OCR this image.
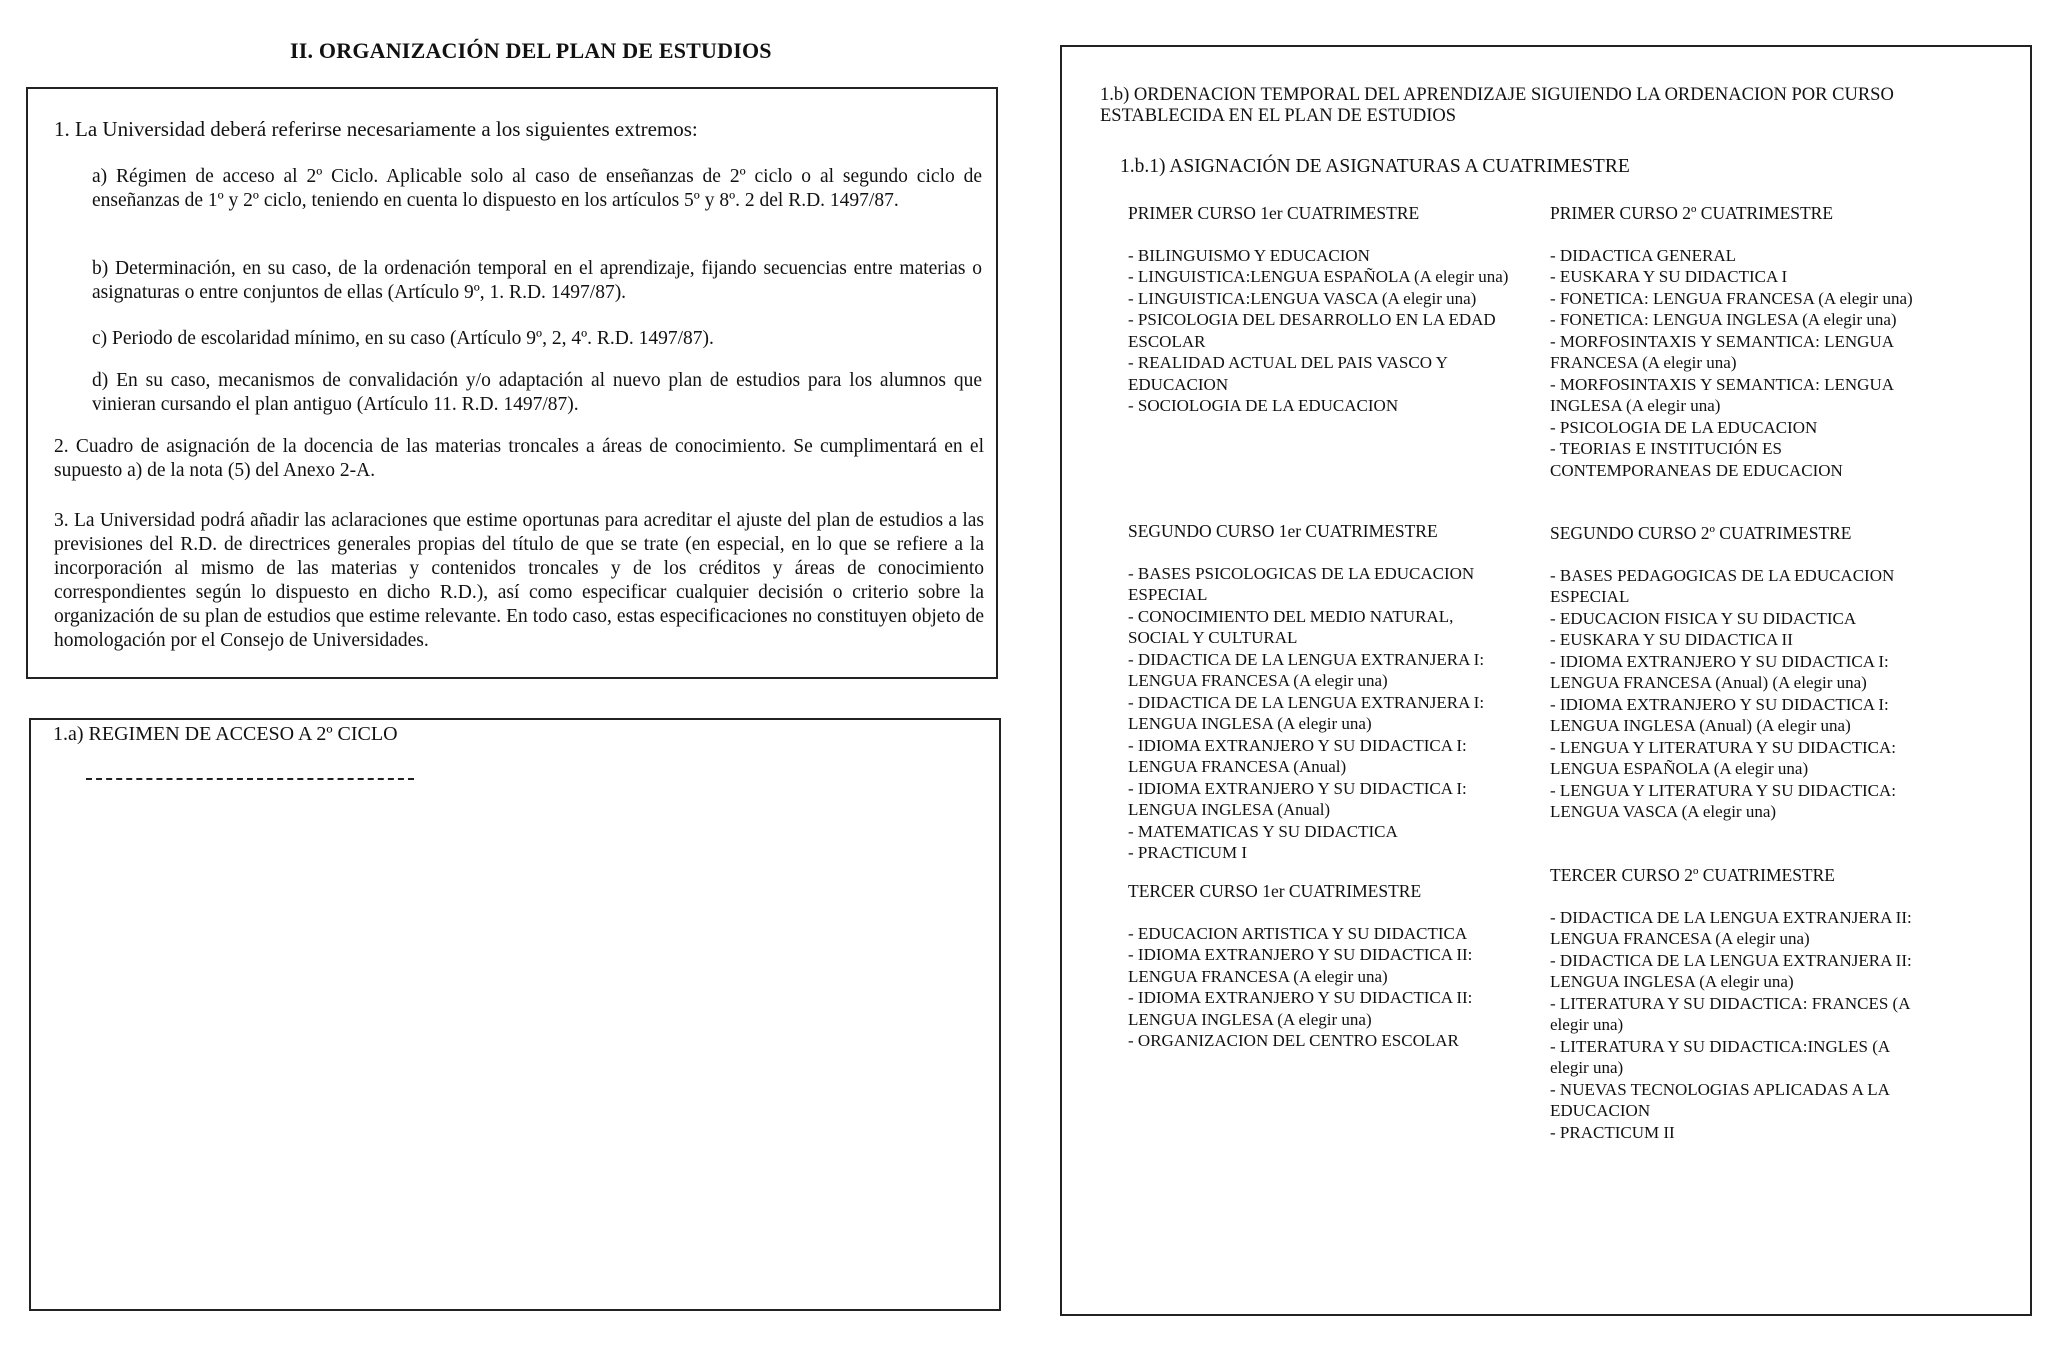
II. ORGANIZACIÓN DEL PLAN DE ESTUDIOS
1. La Universidad deberá referirse necesariamente a los siguientes extremos:
a) Régimen de acceso al 2º Ciclo. Aplicable solo al caso de enseñanzas de 2º ciclo o al segundo ciclo de enseñanzas de 1º y 2º ciclo, teniendo en cuenta lo dispuesto en los artículos 5º y 8º. 2 del R.D. 1497/87.
b) Determinación, en su caso, de la ordenación temporal en el aprendizaje, fijando secuencias entre materias o asignaturas o entre conjuntos de ellas (Artículo 9º, 1. R.D. 1497/87).
c) Periodo de escolaridad mínimo, en su caso (Artículo 9º, 2, 4º. R.D. 1497/87).
d) En su caso, mecanismos de convalidación y/o adaptación al nuevo plan de estudios para los alumnos que vinieran cursando el plan antiguo (Artículo 11. R.D. 1497/87).
2. Cuadro de asignación de la docencia de las materias troncales a áreas de conocimiento. Se cumplimentará en el supuesto a) de la nota (5) del Anexo 2-A.
3. La Universidad podrá añadir las aclaraciones que estime oportunas para acreditar el ajuste del plan de estudios a las previsiones del R.D. de directrices generales propias del título de que se trate (en especial, en lo que se refiere a la incorporación al mismo de las materias y contenidos troncales y de los créditos y áreas de conocimiento correspondientes según lo dispuesto en dicho R.D.), así como especificar cualquier decisión o criterio sobre la organización de su plan de estudios que estime relevante. En todo caso, estas especificaciones no constituyen objeto de homologación por el Consejo de Universidades.
1.a) REGIMEN DE ACCESO A 2º CICLO
1.b) ORDENACION TEMPORAL DEL APRENDIZAJE SIGUIENDO LA ORDENACION POR CURSO ESTABLECIDA EN EL PLAN DE ESTUDIOS
1.b.1) ASIGNACIÓN DE ASIGNATURAS A CUATRIMESTRE
PRIMER CURSO 1er CUATRIMESTRE
- BILINGUISMO Y EDUCACION
- LINGUISTICA:LENGUA ESPAÑOLA (A elegir una)
- LINGUISTICA:LENGUA VASCA (A elegir una)
- PSICOLOGIA DEL DESARROLLO EN LA EDAD ESCOLAR
- REALIDAD ACTUAL DEL PAIS VASCO Y EDUCACION
- SOCIOLOGIA DE LA EDUCACION
PRIMER CURSO 2º CUATRIMESTRE
- DIDACTICA GENERAL
- EUSKARA Y SU DIDACTICA I
- FONETICA: LENGUA FRANCESA (A elegir una)
- FONETICA: LENGUA INGLESA (A elegir una)
- MORFOSINTAXIS Y SEMANTICA: LENGUA FRANCESA (A elegir una)
- MORFOSINTAXIS Y SEMANTICA: LENGUA INGLESA (A elegir una)
- PSICOLOGIA DE LA EDUCACION
- TEORIAS E INSTITUCIÓN ES CONTEMPORANEAS DE EDUCACION
SEGUNDO CURSO 1er CUATRIMESTRE
- BASES PSICOLOGICAS DE LA EDUCACION ESPECIAL
- CONOCIMIENTO DEL MEDIO NATURAL, SOCIAL Y CULTURAL
- DIDACTICA DE LA LENGUA EXTRANJERA I: LENGUA FRANCESA (A elegir una)
- DIDACTICA DE LA LENGUA EXTRANJERA I: LENGUA INGLESA (A elegir una)
- IDIOMA EXTRANJERO Y SU DIDACTICA I: LENGUA FRANCESA (Anual)
- IDIOMA EXTRANJERO Y SU DIDACTICA I: LENGUA INGLESA (Anual)
- MATEMATICAS Y SU DIDACTICA
- PRACTICUM I
SEGUNDO CURSO 2º CUATRIMESTRE
- BASES PEDAGOGICAS DE LA EDUCACION ESPECIAL
- EDUCACION FISICA Y SU DIDACTICA
- EUSKARA Y SU DIDACTICA II
- IDIOMA EXTRANJERO Y SU DIDACTICA I: LENGUA FRANCESA (Anual) (A elegir una)
- IDIOMA EXTRANJERO Y SU DIDACTICA I: LENGUA INGLESA (Anual) (A elegir una)
- LENGUA Y LITERATURA Y SU DIDACTICA: LENGUA ESPAÑOLA (A elegir una)
- LENGUA Y LITERATURA Y SU DIDACTICA: LENGUA VASCA (A elegir una)
TERCER CURSO 1er CUATRIMESTRE
- EDUCACION ARTISTICA Y SU DIDACTICA
- IDIOMA EXTRANJERO Y SU DIDACTICA II: LENGUA FRANCESA (A elegir una)
- IDIOMA EXTRANJERO Y SU DIDACTICA II: LENGUA INGLESA (A elegir una)
- ORGANIZACION DEL CENTRO ESCOLAR
TERCER CURSO 2º CUATRIMESTRE
- DIDACTICA DE LA LENGUA EXTRANJERA II: LENGUA FRANCESA (A elegir una)
- DIDACTICA DE LA LENGUA EXTRANJERA II: LENGUA INGLESA (A elegir una)
- LITERATURA Y SU DIDACTICA: FRANCES (A elegir una)
- LITERATURA Y SU DIDACTICA:INGLES (A elegir una)
- NUEVAS TECNOLOGIAS APLICADAS A LA EDUCACION
- PRACTICUM II
